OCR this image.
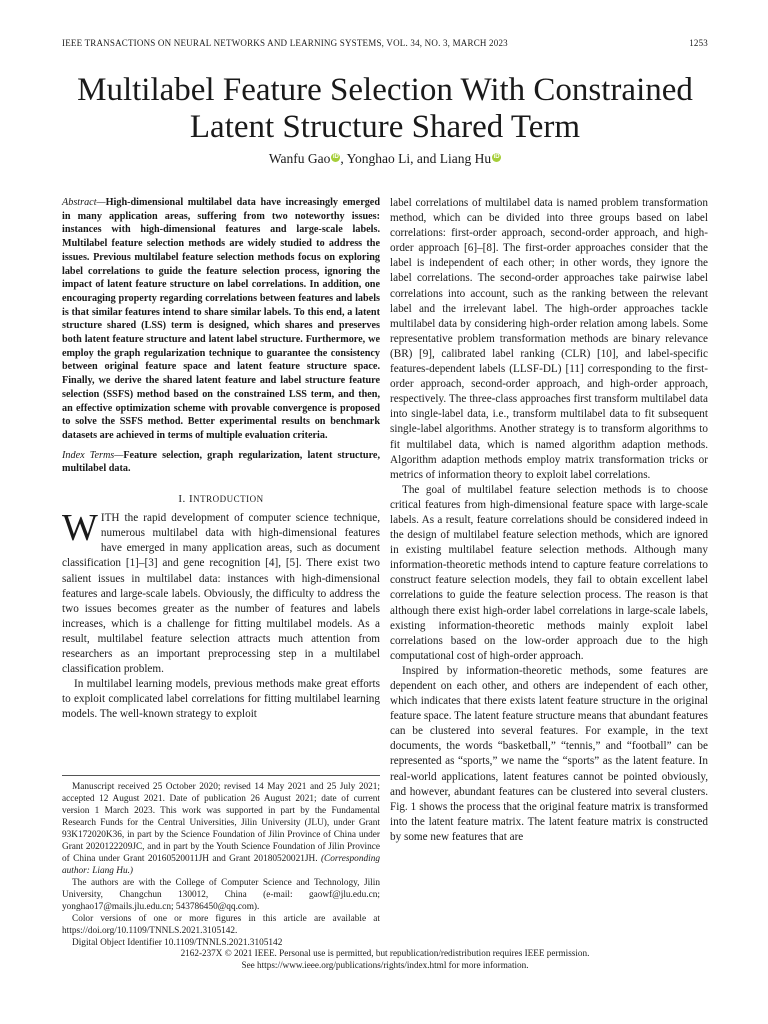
IEEE TRANSACTIONS ON NEURAL NETWORKS AND LEARNING SYSTEMS, VOL. 34, NO. 3, MARCH 2023	1253
Multilabel Feature Selection With Constrained
Latent Structure Shared Term
Wanfu Gao iD , Yonghao Li, and Liang Hu iD

Abstract—High-dimensional multilabel data have increasingly emerged in many application areas, suffering from two noteworthy issues: instances with high-dimensional features and large-scale labels. Multilabel feature selection methods are widely studied to address the issues. Previous multilabel feature selection methods focus on exploring label correlations to guide the feature selection process, ignoring the impact of latent feature structure on label correlations. In addition, one encouraging property regarding correlations between features and labels is that similar features intend to share similar labels. To this end, a latent structure shared (LSS) term is designed, which shares and preserves both latent feature structure and latent label structure. Furthermore, we employ the graph regularization technique to guarantee the consistency between original feature space and latent feature structure space. Finally, we derive the shared latent feature and label structure feature selection (SSFS) method based on the constrained LSS term, and then, an effective optimization scheme with provable convergence is proposed to solve the SSFS method. Better experimental results on benchmark datasets are achieved in terms of multiple evaluation criteria.

Index Terms—Feature selection, graph regularization, latent structure, multilabel data.

I. INTRODUCTION

WITH the rapid development of computer science technique, numerous multilabel data with high-dimensional features have emerged in many application areas, such as document classification [1]–[3] and gene recognition [4], [5]. There exist two salient issues in multilabel data: instances with high-dimensional features and large-scale labels. Obviously, the difficulty to address the two issues becomes greater as the number of features and labels increases, which is a challenge for fitting multilabel models. As a result, multilabel feature selection attracts much attention from researchers as an important preprocessing step in a multilabel classification problem.

In multilabel learning models, previous methods make great efforts to exploit complicated label correlations for fitting multilabel learning models. The well-known strategy to exploit

Manuscript received 25 October 2020; revised 14 May 2021 and 25 July 2021; accepted 12 August 2021. Date of publication 26 August 2021; date of current version 1 March 2023. This work was supported in part by the Fundamental Research Funds for the Central Universities, Jilin University (JLU), under Grant 93K172020K36, in part by the Science Foundation of Jilin Province of China under Grant 2020122209JC, and in part by the Youth Science Foundation of Jilin Province of China under Grant 20160520011JH and Grant 20180520021JH. (Corresponding author: Liang Hu.)

The authors are with the College of Computer Science and Technology, Jilin University, Changchun 130012, China (e-mail: gaowf@jlu.edu.cn; yonghao17@mails.jlu.edu.cn; 543786450@qq.com).

Color versions of one or more figures in this article are available at https://doi.org/10.1109/TNNLS.2021.3105142.

Digital Object Identifier 10.1109/TNNLS.2021.3105142

label correlations of multilabel data is named problem transformation method, which can be divided into three groups based on label correlations: first-order approach, second-order approach, and high-order approach [6]–[8]. The first-order approaches consider that the label is independent of each other; in other words, they ignore the label correlations. The second-order approaches take pairwise label correlations into account, such as the ranking between the relevant label and the irrelevant label. The high-order approaches tackle multilabel data by considering high-order relation among labels. Some representative problem transformation methods are binary relevance (BR) [9], calibrated label ranking (CLR) [10], and label-specific features-dependent labels (LLSF-DL) [11] corresponding to the first-order approach, second-order approach, and high-order approach, respectively. The three-class approaches first transform multilabel data into single-label data, i.e., transform multilabel data to fit subsequent single-label algorithms. Another strategy is to transform algorithms to fit multilabel data, which is named algorithm adaption methods. Algorithm adaption methods employ matrix transformation tricks or metrics of information theory to exploit label correlations.

The goal of multilabel feature selection methods is to choose critical features from high-dimensional feature space with large-scale labels. As a result, feature correlations should be considered indeed in the design of multilabel feature selection methods, which are ignored in existing multilabel feature selection methods. Although many information-theoretic methods intend to capture feature correlations to construct feature selection models, they fail to obtain excellent label correlations to guide the feature selection process. The reason is that although there exist high-order label correlations in large-scale labels, existing information-theoretic methods mainly exploit label correlations based on the low-order approach due to the high computational cost of high-order approach.

Inspired by information-theoretic methods, some features are dependent on each other, and others are independent of each other, which indicates that there exists latent feature structure in the original feature space. The latent feature structure means that abundant features can be clustered into several features. For example, in the text documents, the words “basketball,” “tennis,” and “football” can be represented as “sports,” we name the “sports” as the latent feature. In real-world applications, latent features cannot be pointed obviously, and however, abundant features can be clustered into several clusters. Fig. 1 shows the process that the original feature matrix is transformed into the latent feature matrix. The latent feature matrix is constructed by some new features that are

2162-237X © 2021 IEEE. Personal use is permitted, but republication/redistribution requires IEEE permission.
See https://www.ieee.org/publications/rights/index.html for more information.
